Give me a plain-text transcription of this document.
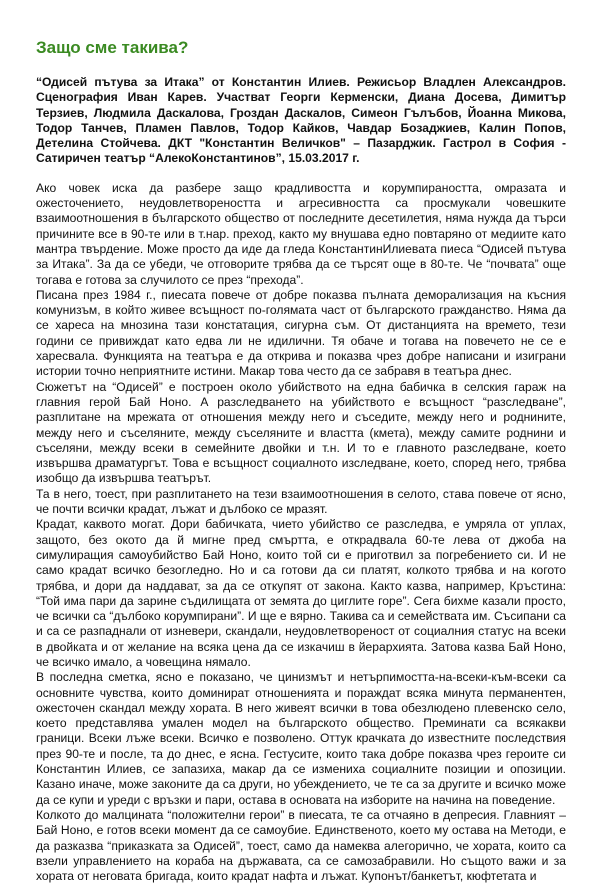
Защо сме такива?

“Одисей пътува за Итака” от Константин Илиев. Режисьор Владлен Александров. Сценография Иван Карев. Участват Георги Керменски, Диана Досева, Димитър Терзиев, Людмила Даскалова, Гроздан Даскалов, Симеон Гълъбов, Йоанна Микова, Тодор Танчев, Пламен Павлов, Тодор Кайков, Чавдар Бозаджиев, Калин Попов, Детелина Стойчева. ДКТ "Константин Величков" – Пазарджик. Гастрол в София - Сатиричен театър “АлекоКонстантинов”, 15.03.2017 г.

Ако човек иска да разбере защо крадливостта и корумпираността, омразата и ожесточението, неудовлетвореността и агресивността са просмукали човешките взаимоотношения в българското общество от последните десетилетия, няма нужда да търси причините все в 90-те или в т.нар. преход, както му внушава едно повтаряно от медиите като мантра твърдение. Може просто да иде да гледа КонстантинИлиевата пиеса “Одисей пътува за Итака”. За да се убеди, че отговорите трябва да се търсят още в 80-те. Че “почвата” още тогава е готова за случилото се през “прехода”.

Писана през 1984 г., пиесата повече от добре показва пълната деморализация на късния комунизъм, в който живее всъщност по-голямата част от българското гражданство. Няма да се хареса на мнозина тази констатация, сигурна съм. От дистанцията на времето, тези години се привиждат като едва ли не идилични. Тя обаче и тогава на повечето не се е харесвала. Функцията на театъра е да открива и показва чрез добре написани и изиграни истории точно неприятните истини. Макар това често да се забравя в театъра днес.

Сюжетът на “Одисей” е построен около убийството на една бабичка в селския гараж на главния герой Бай Ноно. А разследването на убийството е всъщност “разследване”, разплитане на мрежата от отношения между него и съседите, между него и роднините, между него и съселяните, между съселяните и властта (кмета), между самите роднини и съселяни, между всеки в семейните двойки и т.н. И то е главното разследване, което извършва драматургът. Това е всъщност социалното изследване, което, според него, трябва изобщо да извършва театърът.

Та в него, тоест, при разплитането на тези взаимоотношения в селото, става повече от ясно, че почти всички крадат, лъжат и дълбоко се мразят.

Крадат, каквото могат. Дори бабичката, чието убийство се разследва, е умряла от уплах, защото, без окото да й мигне пред смъртта, е открадвала 60-те лева от джоба на симулиращия самоубийство Бай Ноно, които той си е приготвил за погребението си. И не само крадат всичко безогледно. Но и са готови да си платят, колкото трябва и на когото трябва, и дори да наддават, за да се откупят от закона. Както казва, например, Кръстина: “Той има пари да зарине съдилищата от земята до циглите горе”. Сега бихме казали просто, че всички са “дълбоко корумпирани”. И ще е вярно. Такива са и семействата им. Съсипани са и са се разпаднали от изневери, скандали, неудовлетвореност от социалния статус на всеки в двойката и от желание на всяка цена да се изкачиш в йерархията. Затова казва Бай Ноно, че всичко имало, а човещина нямало.

В последна сметка, ясно е показано, че цинизмът и нетърпимостта-на-всеки-към-всеки са основните чувства, които доминират отношенията и пораждат всяка минута перманентен, ожесточен скандал между хората. В него живеят всички в това обезлюдено плевенско село, което представлява умален модел на българското общество. Преминати са всякакви граници. Всеки лъже всеки. Всичко е позволено. Оттук крачката до известните последствия през 90-те и после, та до днес, е ясна. Гестусите, които така добре показва чрез героите си Константин Илиев, се запазиха, макар да се измениха социалните позиции и опозиции. Казано иначе, може законите да са други, но убеждението, че те са за другите и всичко може да се купи и уреди с връзки и пари, остава в основата на изборите на начина на поведение.

Колкото до малцината “положителни герои” в пиесата, те са отчаяно в депресия. Главният – Бай Ноно, е готов всеки момент да се самоубие. Единственото, което му остава на Методи, е да разказва “приказката за Одисей”, тоест, само да намеква алегорично, че хората, които са взели управлението на кораба на държавата, са се самозабравили. Но същото важи и за хората от неговата бригада, които крадат нафта и лъжат. Купонът/банкетът, кюфтетата и
